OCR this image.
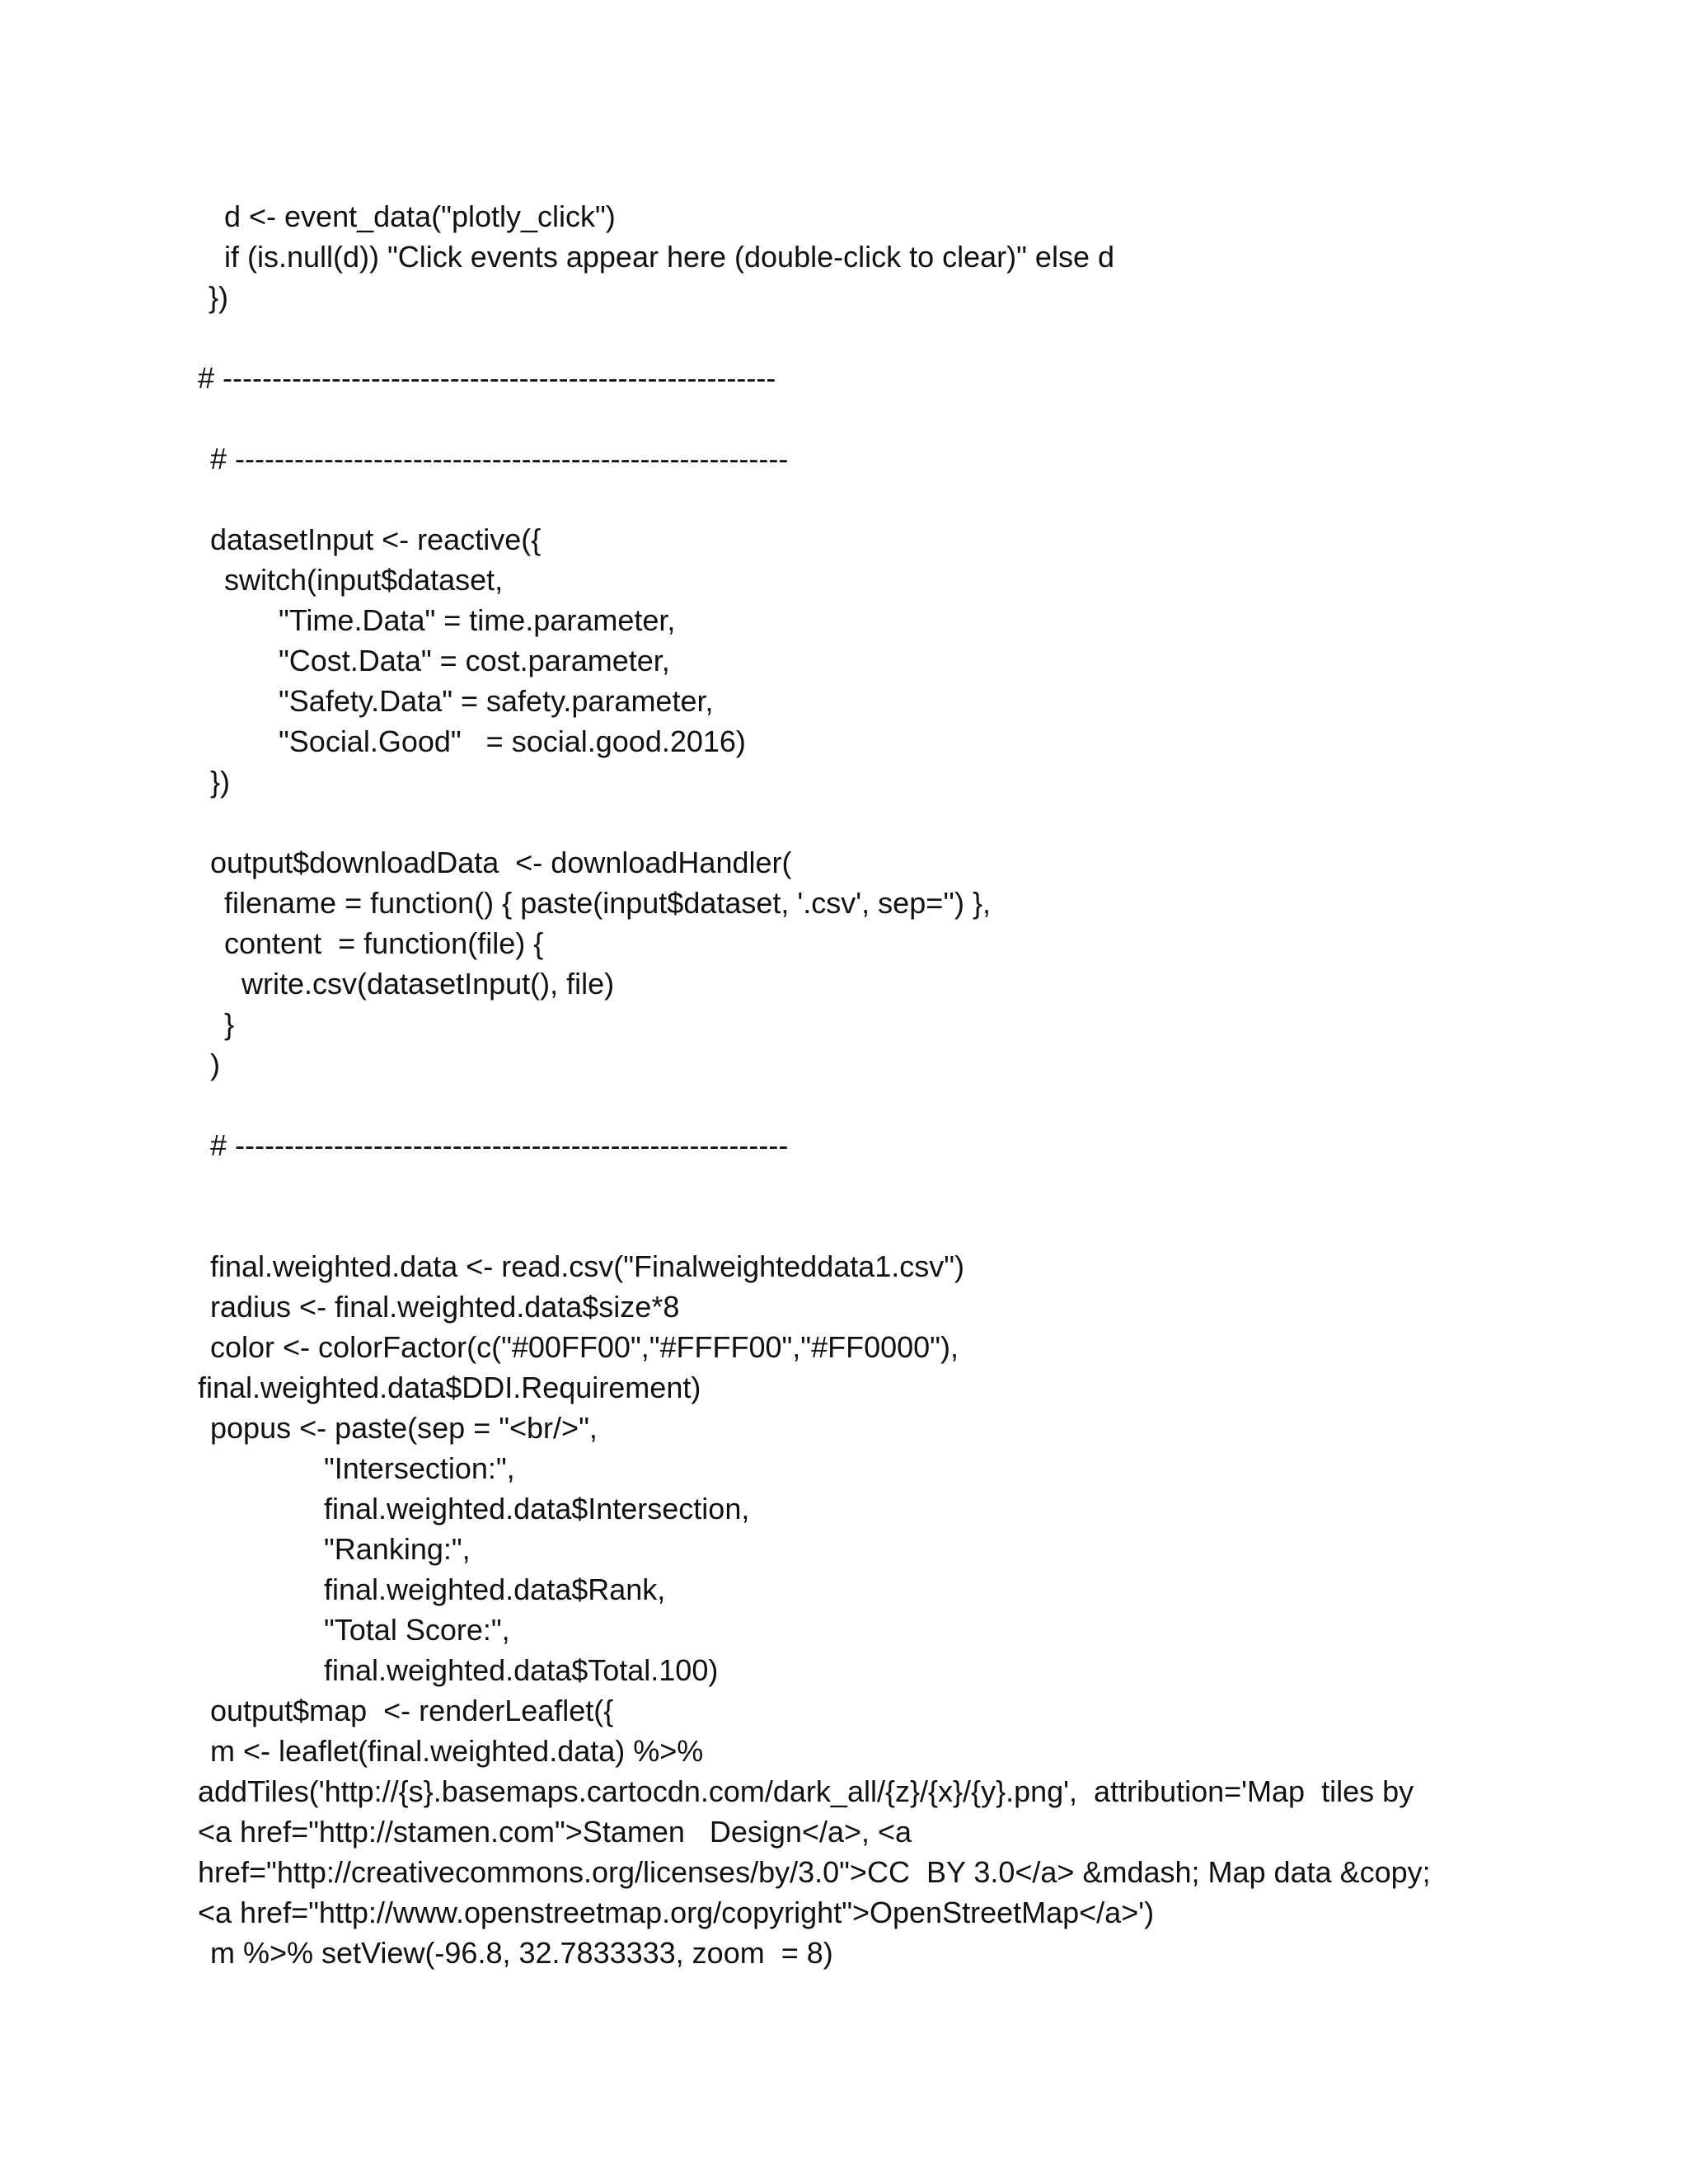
d <- event_data("plotly_click")

if (is.null(d)) "Click events appear here (double-click to clear)" else d

})

# --------------------------------------------------------

# --------------------------------------------------------

datasetInput <- reactive({

switch(input$dataset,

"Time.Data" = time.parameter,

"Cost.Data" = cost.parameter,

"Safety.Data" = safety.parameter,

"Social.Good"   = social.good.2016)

})

output$downloadData  <- downloadHandler(

filename = function() { paste(input$dataset, '.csv', sep='') },

content  = function(file) {

write.csv(datasetInput(), file)

}

)

# --------------------------------------------------------

final.weighted.data <- read.csv("Finalweighteddata1.csv")

radius <- final.weighted.data$size*8

color <- colorFactor(c("#00FF00","#FFFF00","#FF0000"),

final.weighted.data$DDI.Requirement)

popus <- paste(sep = "<br/>",

"Intersection:",

final.weighted.data$Intersection,

"Ranking:",

final.weighted.data$Rank,

"Total Score:",

final.weighted.data$Total.100)

output$map  <- renderLeaflet({

m <- leaflet(final.weighted.data) %>%

addTiles('http://{s}.basemaps.cartocdn.com/dark_all/{z}/{x}/{y}.png',  attribution='Map  tiles by

<a href="http://stamen.com">Stamen   Design</a>, <a

href="http://creativecommons.org/licenses/by/3.0">CC  BY 3.0</a> &mdash; Map data &copy;

<a href="http://www.openstreetmap.org/copyright">OpenStreetMap</a>')

m %>% setView(-96.8, 32.7833333, zoom  = 8)
